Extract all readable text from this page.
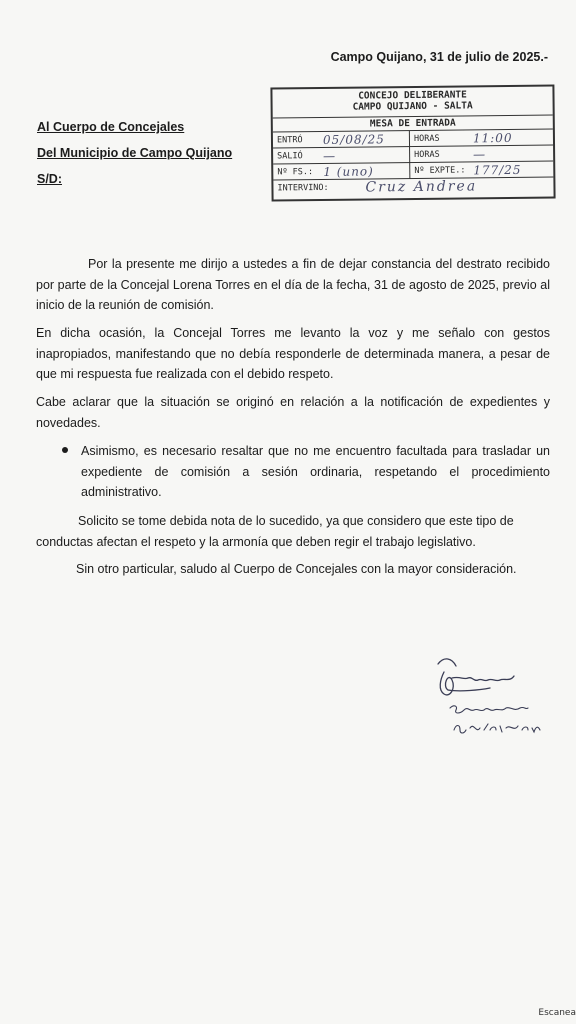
Campo Quijano, 31 de julio de 2025.-
Al Cuerpo de Concejales
Del Municipio de Campo Quijano
S/D:
CONCEJO DELIBERANTE
CAMPO QUIJANO - SALTA
MESA DE ENTRADA
ENTRÓ 05/08/25	HORAS	11:00
SALIÓ —	HORAS	—
Nº FS.: 1 (uno)	Nº EXPTE.: 177/25
INTERVINO:	Cruz Andrea
Por la presente me dirijo a ustedes a fin de dejar constancia del destrato recibido por parte de la Concejal Lorena Torres en el día de la fecha, 31 de agosto de 2025, previo al inicio de la reunión de comisión.
En dicha ocasión, la Concejal Torres me levanto la voz y me señalo con gestos inapropiados, manifestando que no debía responderle de determinada manera, a pesar de que mi respuesta fue realizada con el debido respeto.
Cabe aclarar que la situación se originó en relación a la notificación de expedientes y novedades.
Asimismo, es necesario resaltar que no me encuentro facultada para trasladar un expediente de comisión a sesión ordinaria, respetando el procedimiento administrativo.
Solicito se tome debida nota de lo sucedido, ya que considero que este tipo de
conductas afectan el respeto y la armonía que deben regir el trabajo legislativo.
Sin otro particular, saludo al Cuerpo de Concejales con la mayor consideración.
Escanea
